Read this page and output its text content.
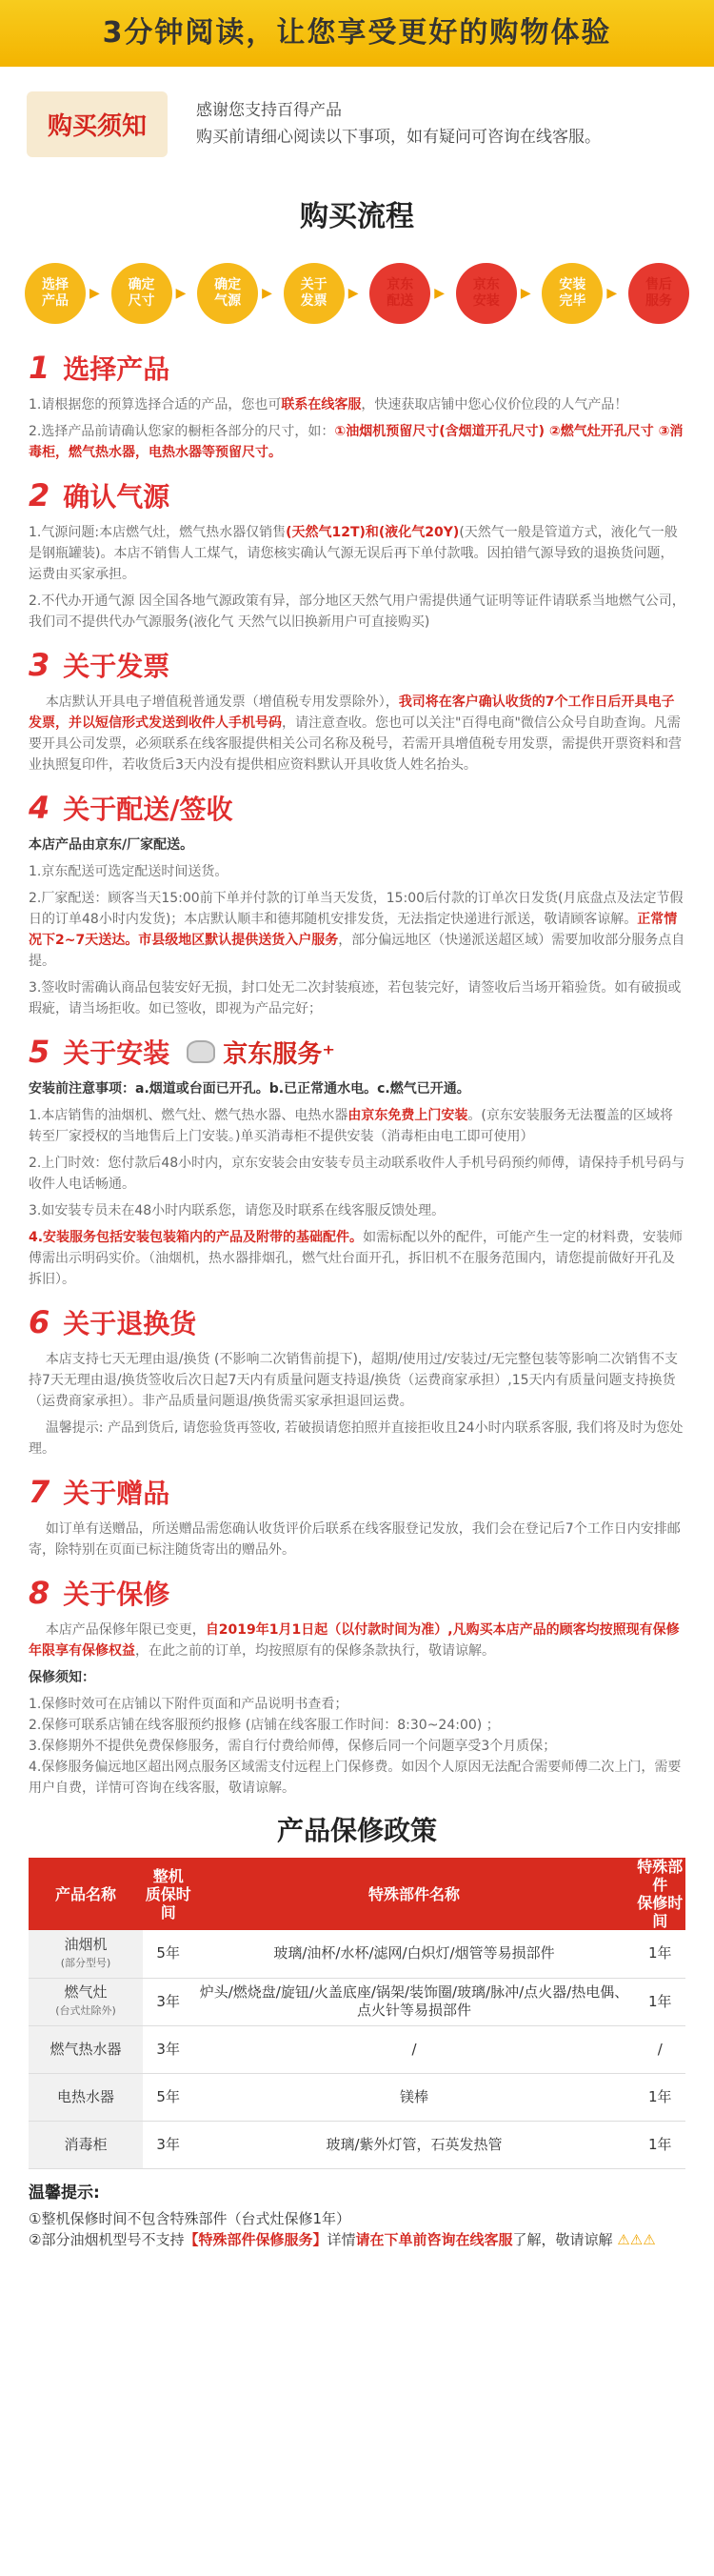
3分钟阅读，让您享受更好的购物体验
购买须知
感谢您支持百得产品
购买前请细心阅读以下事项，如有疑问可咨询在线客服。
购买流程
选择
产品	▶
确定
尺寸	▶
确定
气源	▶
关于
发票	▶
京东
配送	▶
京东
安装	▶
安装
完毕	▶
售后
服务
1 选择产品

1.请根据您的预算选择合适的产品，您也可联系在线客服，快速获取店铺中您心仪价位段的人气产品！

2.选择产品前请确认您家的橱柜各部分的尺寸，如：①油烟机预留尺寸(含烟道开孔尺寸) ②燃气灶开孔尺寸 ③消毒柜，燃气热水器，电热水器等预留尺寸。

2 确认气源

1.气源问题:本店燃气灶，燃气热水器仅销售(天然气12T)和(液化气20Y)(天然气一般是管道方式，液化气一般是钢瓶罐装)。本店不销售人工煤气，请您核实确认气源无误后再下单付款哦。因拍错气源导致的退换货问题，运费由买家承担。

2.不代办开通气源 因全国各地气源政策有异，部分地区天然气用户需提供通气证明等证件请联系当地燃气公司，我们司不提供代办气源服务(液化气 天然气以旧换新用户可直接购买)

3 关于发票

本店默认开具电子增值税普通发票（增值税专用发票除外），我司将在客户确认收货的7个工作日后开具电子发票，并以短信形式发送到收件人手机号码，请注意查收。您也可以关注"百得电商"微信公众号自助查询。凡需要开具公司发票，必须联系在线客服提供相关公司名称及税号，若需开具增值税专用发票，需提供开票资料和营业执照复印件，若收货后3天内没有提供相应资料默认开具收货人姓名抬头。

4 关于配送/签收

本店产品由京东/厂家配送。

1.京东配送可选定配送时间送货。

2.厂家配送：顾客当天15:00前下单并付款的订单当天发货，15:00后付款的订单次日发货(月底盘点及法定节假日的订单48小时内发货)；本店默认顺丰和德邦随机安排发货，无法指定快递进行派送，敬请顾客谅解。正常情况下2~7天送达。市县级地区默认提供送货入户服务，部分偏远地区（快递派送超区域）需要加收部分服务点自提。

3.签收时需确认商品包装安好无损，封口处无二次封装痕迹，若包装完好，请签收后当场开箱验货。如有破损或瑕疵，请当场拒收。如已签收，即视为产品完好；

5 关于安装 京东服务⁺

安装前注意事项：a.烟道或台面已开孔。b.已正常通水电。c.燃气已开通。

1.本店销售的油烟机、燃气灶、燃气热水器、电热水器由京东免费上门安装。(京东安装服务无法覆盖的区域将转至厂家授权的当地售后上门安装。)单买消毒柜不提供安装（消毒柜由电工即可使用）

2.上门时效：您付款后48小时内，京东安装会由安装专员主动联系收件人手机号码预约师傅，请保持手机号码与收件人电话畅通。

3.如安装专员未在48小时内联系您，请您及时联系在线客服反馈处理。

4.安装服务包括安装包装箱内的产品及附带的基础配件。如需标配以外的配件，可能产生一定的材料费，安装师傅需出示明码实价。（油烟机，热水器排烟孔，燃气灶台面开孔，拆旧机不在服务范围内，请您提前做好开孔及拆旧）。

6 关于退换货

本店支持七天无理由退/换货 (不影响二次销售前提下)，超期/使用过/安装过/无完整包装等影响二次销售不支持7天无理由退/换货签收后次日起7天内有质量问题支持退/换货（运费商家承担）,15天内有质量问题支持换货（运费商家承担）。非产品质量问题退/换货需买家承担退回运费。

温馨提示: 产品到货后, 请您验货再签收, 若破损请您拍照并直接拒收且24小时内联系客服, 我们将及时为您处理。

7 关于赠品

如订单有送赠品，所送赠品需您确认收货评价后联系在线客服登记发放，我们会在登记后7个工作日内安排邮寄，除特别在页面已标注随货寄出的赠品外。

8 关于保修

本店产品保修年限已变更，自2019年1月1日起（以付款时间为准）,凡购买本店产品的顾客均按照现有保修年限享有保修权益，在此之前的订单，均按照原有的保修条款执行，敬请谅解。

保修须知：

1.保修时效可在店铺以下附件页面和产品说明书查看；

2.保修可联系店铺在线客服预约报修 (店铺在线客服工作时间：8:30~24:00) ；

3.保修期外不提供免费保修服务，需自行付费给师傅，保修后同一个问题享受3个月质保；

4.保修服务偏远地区超出网点服务区域需支付远程上门保修费。如因个人原因无法配合需要师傅二次上门，需要用户自费，详情可咨询在线客服，敬请谅解。

产品保修政策
产品名称	整机
质保时间	特殊部件名称	特殊部件
保修时间
油烟机
(部分型号)	5年	玻璃/油杯/水杯/滤网/白炽灯/烟管等易损部件	1年
燃气灶
(台式灶除外)	3年	炉头/燃烧盘/旋钮/火盖底座/锅架/装饰圈/玻璃/脉冲/点火器/热电偶、点火针等易损部件	1年
燃气热水器	3年	/	/
电热水器	5年	镁棒	1年
消毒柜	3年	玻璃/紫外灯管，石英发热管	1年
温馨提示:
①整机保修时间不包含特殊部件（台式灶保修1年）
②部分油烟机型号不支持【特殊部件保修服务】详情请在下单前咨询在线客服了解，敬请谅解 ⚠⚠⚠
